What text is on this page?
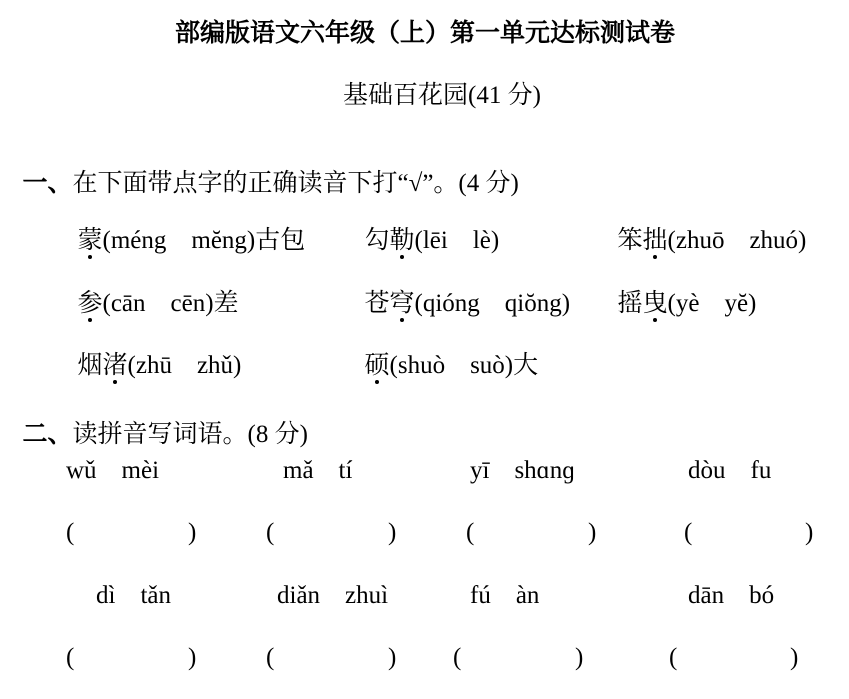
部编版语文六年级（上）第一单元达标测试卷
基础百花园(41 分)

一、在下面带点字的正确读音下打“√”。(4 分)

蒙(méng　mĕng)古包	勾勒(lēi　lè)	笨拙(zhuō　zhuó)

参(cān　cēn)差	苍穹(qióng　qiŏng)	摇曳(yè　yĕ)

烟渚(zhū　zhǔ)	硕(shuò　suò)大

二、读拼音写词语。(8 分)

wǔ　mèi	mǎ　tí	yī　shɑnɡ	dòu　fu
(	)	(	)	(	)	(	)
dì　tǎn	diǎn　zhuì	fú　àn	dān　bó
(	)	(	) (	)	(	)
